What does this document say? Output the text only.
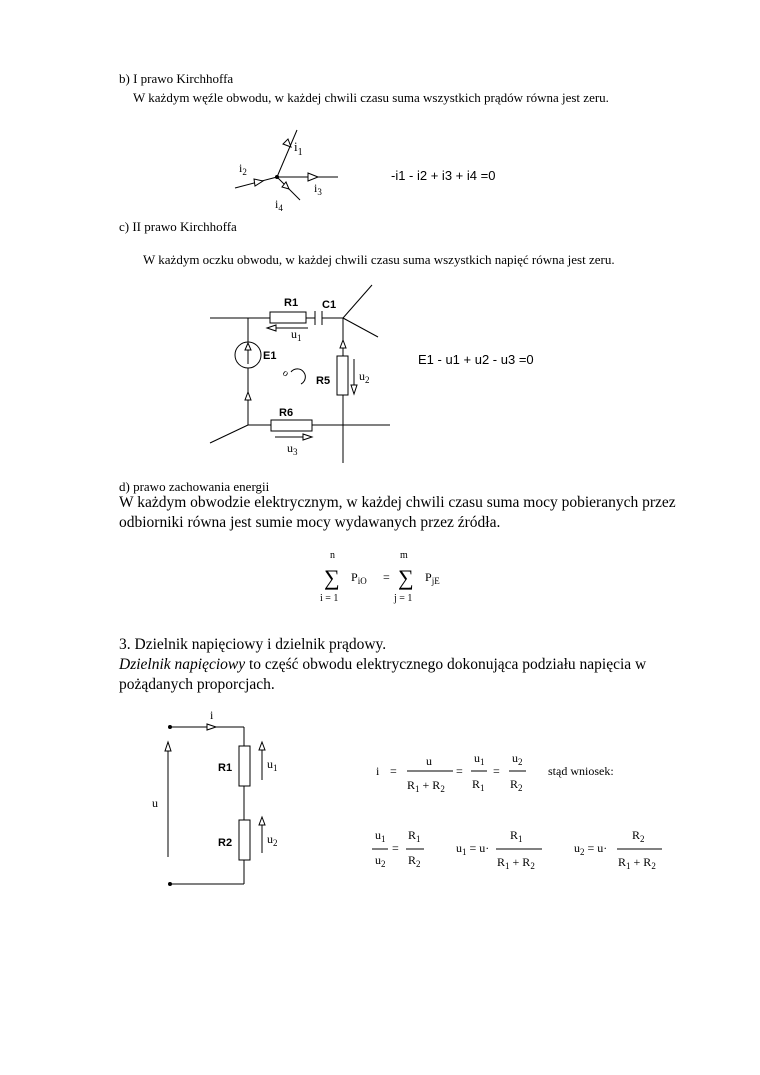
b) I prawo Kirchhoffa
W każdym węźle obwodu, w każdej chwili czasu suma wszystkich prądów równa jest zeru.
$i_1$
$i_2$
$i_3$
$i_4$
-i1 - i2 + i3 + i4 =0
c) II prawo Kirchhoffa
W każdym oczku obwodu, w każdej chwili czasu suma wszystkich napięć równa jest zeru.
R1 C1
E1
R5
R6
$u_1$
$u_2$
$u_3$
o
E1 - u1 + u2 - u3 =0
d) prawo zachowania energii
W każdym obwodzie elektrycznym, w każdej chwili czasu suma mocy pobieranych przez
odbiorniki równa jest sumie mocy wydawanych przez źródła.
n
∑
i = 1
$P_{iO}$ =
m
∑
j = 1
$P_{jE}$
3. Dzielnik napięciowy i dzielnik prądowy.
Dzielnik napięciowy to część obwodu elektrycznego dokonująca podziału napięcia w
pożądanych proporcjach.
i
u
R1
R2
$u_1$
$u_2$
i =
u
$R_1 + R_2$
=
$u_1$
$R_1$
=
$u_2$
$R_2$
stąd wniosek:
$u_1$
$u_2$
=
$R_1$
$R_2$
$u_1 = u\cdot$
$R_1$
$R_1 + R_2$
$u_2 = u\cdot$
$R_2$
$R_1 + R_2$
